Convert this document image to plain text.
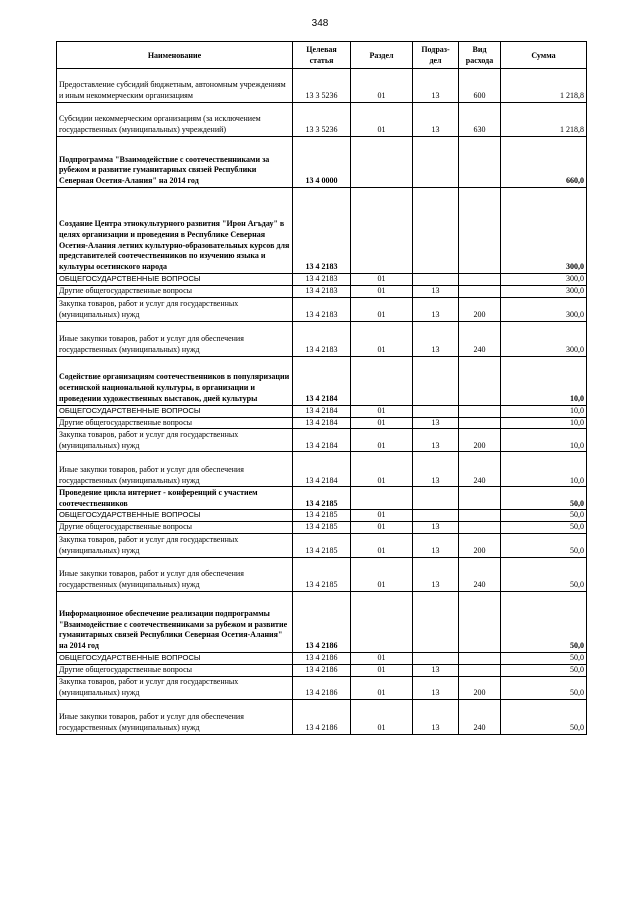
348
Наименование	Целевая статья	Раздел	Подраз- дел	Вид расхода	Сумма
Предоставление субсидий бюджетным, автономным учреждениям и иным некоммерческим организациям	13 3 5236	01	13	600	1 218,8
Субсидии некоммерческим организациям (за исключением государственных (муниципальных) учреждений)	13 3 5236	01	13	630	1 218,8
Подпрограмма "Взаимодействие с соотечественниками за рубежом и развитие гуманитарных связей Республики Северная Осетия-Алания" на 2014 год	13 4 0000				660,0
Создание Центра этнокультурного развития "Ирон Агъдау" в целях организации и проведения в Республике Северная Осетия-Алания летних культурно-образовательных курсов для представителей соотечественников по изучению языка и культуры осетинского народа	13 4 2183				300,0
ОБЩЕГОСУДАРСТВЕННЫЕ ВОПРОСЫ	13 4 2183	01			300,0
Другие общегосударственные вопросы	13 4 2183	01	13		300,0
Закупка товаров, работ и услуг для государственных (муниципальных) нужд	13 4 2183	01	13	200	300,0
Иные закупки товаров, работ и услуг для обеспечения государственных (муниципальных) нужд	13 4 2183	01	13	240	300,0
Содействие организациям соотечественников в популяризации осетинской национальной культуры, в организации и проведении художественных выставок, дней культуры	13 4 2184				10,0
ОБЩЕГОСУДАРСТВЕННЫЕ ВОПРОСЫ	13 4 2184	01			10,0
Другие общегосударственные вопросы	13 4 2184	01	13		10,0
Закупка товаров, работ и услуг для государственных (муниципальных) нужд	13 4 2184	01	13	200	10,0
Иные закупки товаров, работ и услуг для обеспечения государственных (муниципальных) нужд	13 4 2184	01	13	240	10,0
Проведение цикла интернет - конференций с участием соотечественников	13 4 2185				50,0
ОБЩЕГОСУДАРСТВЕННЫЕ ВОПРОСЫ	13 4 2185	01			50,0
Другие общегосударственные вопросы	13 4 2185	01	13		50,0
Закупка товаров, работ и услуг для государственных (муниципальных) нужд	13 4 2185	01	13	200	50,0
Иные закупки товаров, работ и услуг для обеспечения государственных (муниципальных) нужд	13 4 2185	01	13	240	50,0
Информационное обеспечение реализации подпрограммы "Взаимодействие с соотечественниками за рубежом и развитие гуманитарных связей Республики Северная Осетия-Алания" на 2014 год	13 4 2186				50,0
ОБЩЕГОСУДАРСТВЕННЫЕ ВОПРОСЫ	13 4 2186	01			50,0
Другие общегосударственные вопросы	13 4 2186	01	13		50,0
Закупка товаров, работ и услуг для государственных (муниципальных) нужд	13 4 2186	01	13	200	50,0
Иные закупки товаров, работ и услуг для обеспечения государственных (муниципальных) нужд	13 4 2186	01	13	240	50,0
